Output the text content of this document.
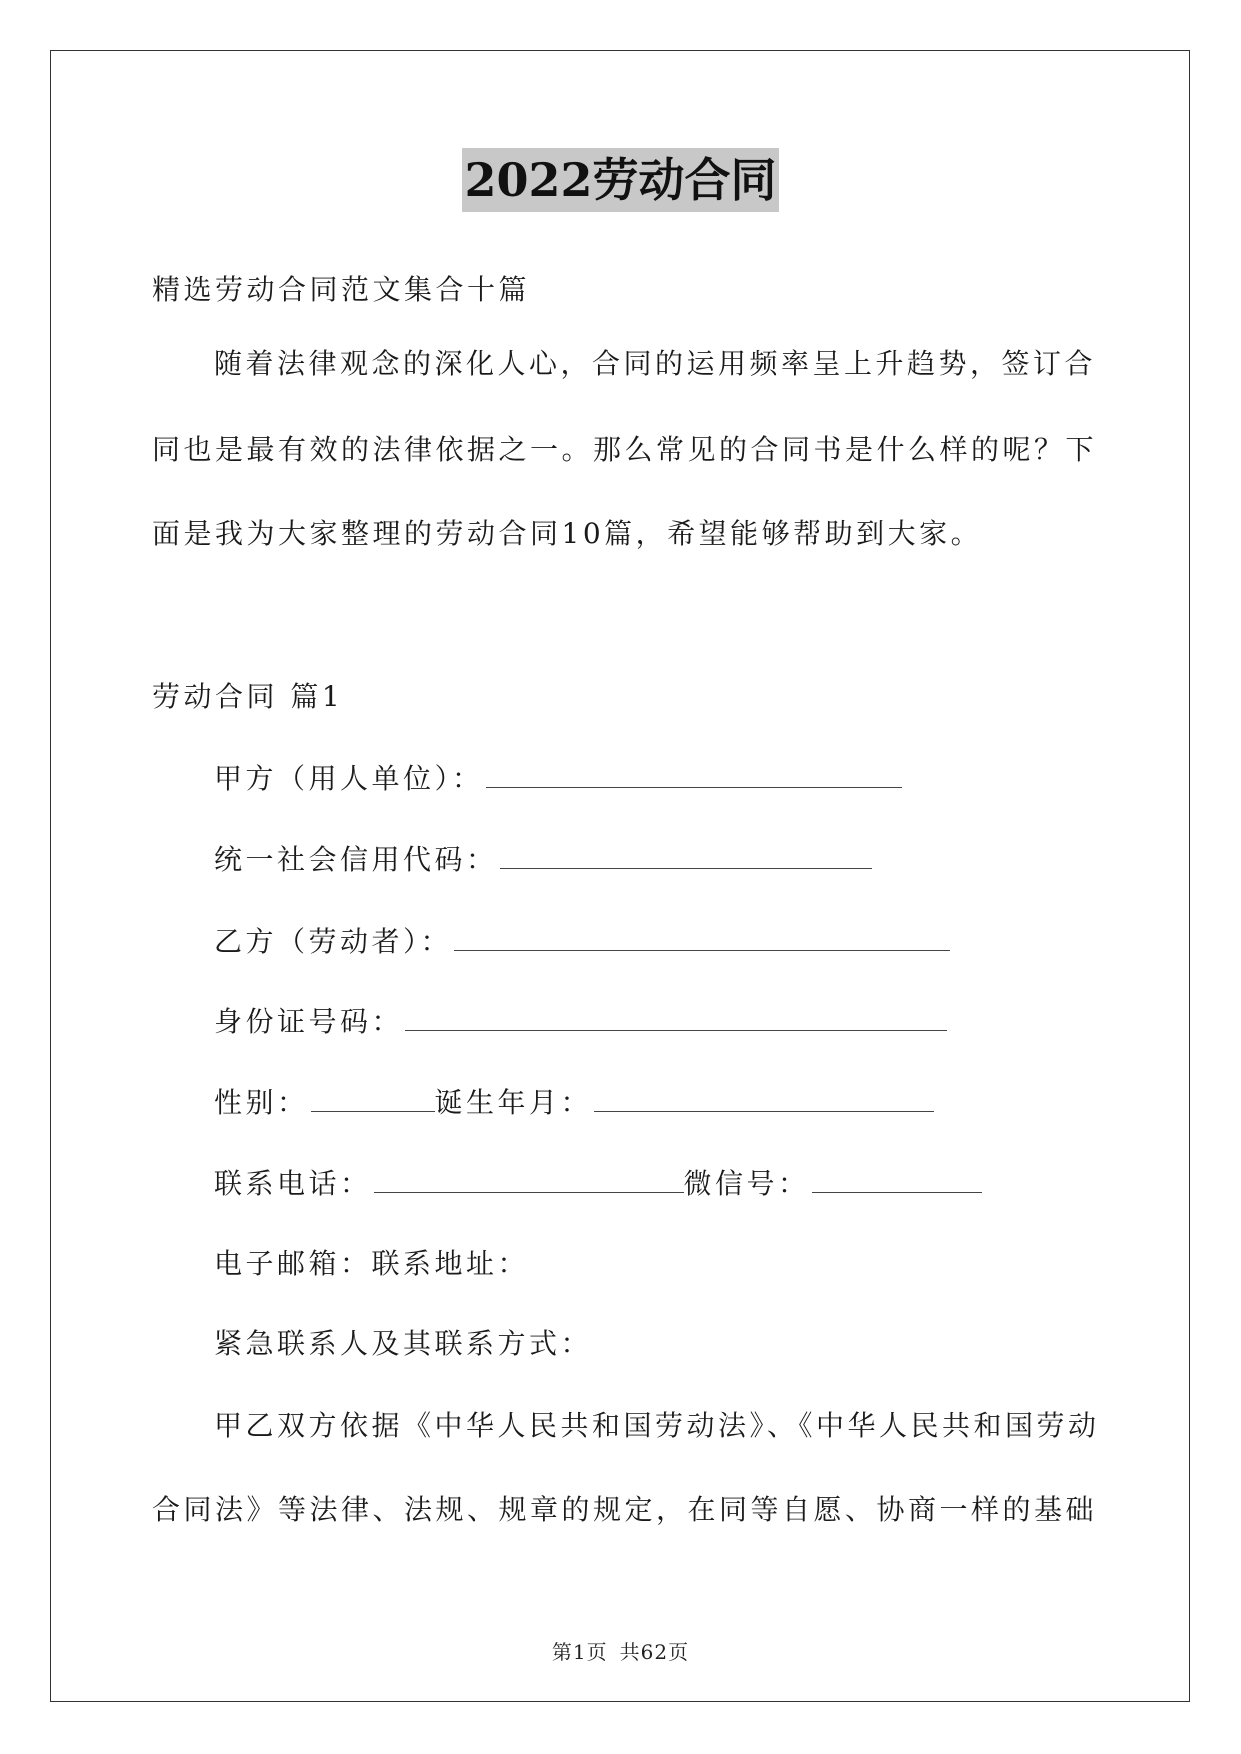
2022劳动合同
精选劳动合同范文集合十篇
随着法律观念的深化人心，合同的运用频率呈上升趋势，签订合
同也是最有效的法律依据之一。那么常见的合同书是什么样的呢？下
面是我为大家整理的劳动合同10篇，希望能够帮助到大家。
劳动合同 篇1
甲方（用人单位）：
统一社会信用代码：
乙方（劳动者）：
身份证号码：
性别：	诞生年月：
联系电话：	微信号：
电子邮箱：联系地址：
紧急联系人及其联系方式：
甲乙双方依据《中华人民共和国劳动法》、《中华人民共和国劳动
合同法》等法律、法规、规章的规定，在同等自愿、协商一样的基础
第1页 共62页
